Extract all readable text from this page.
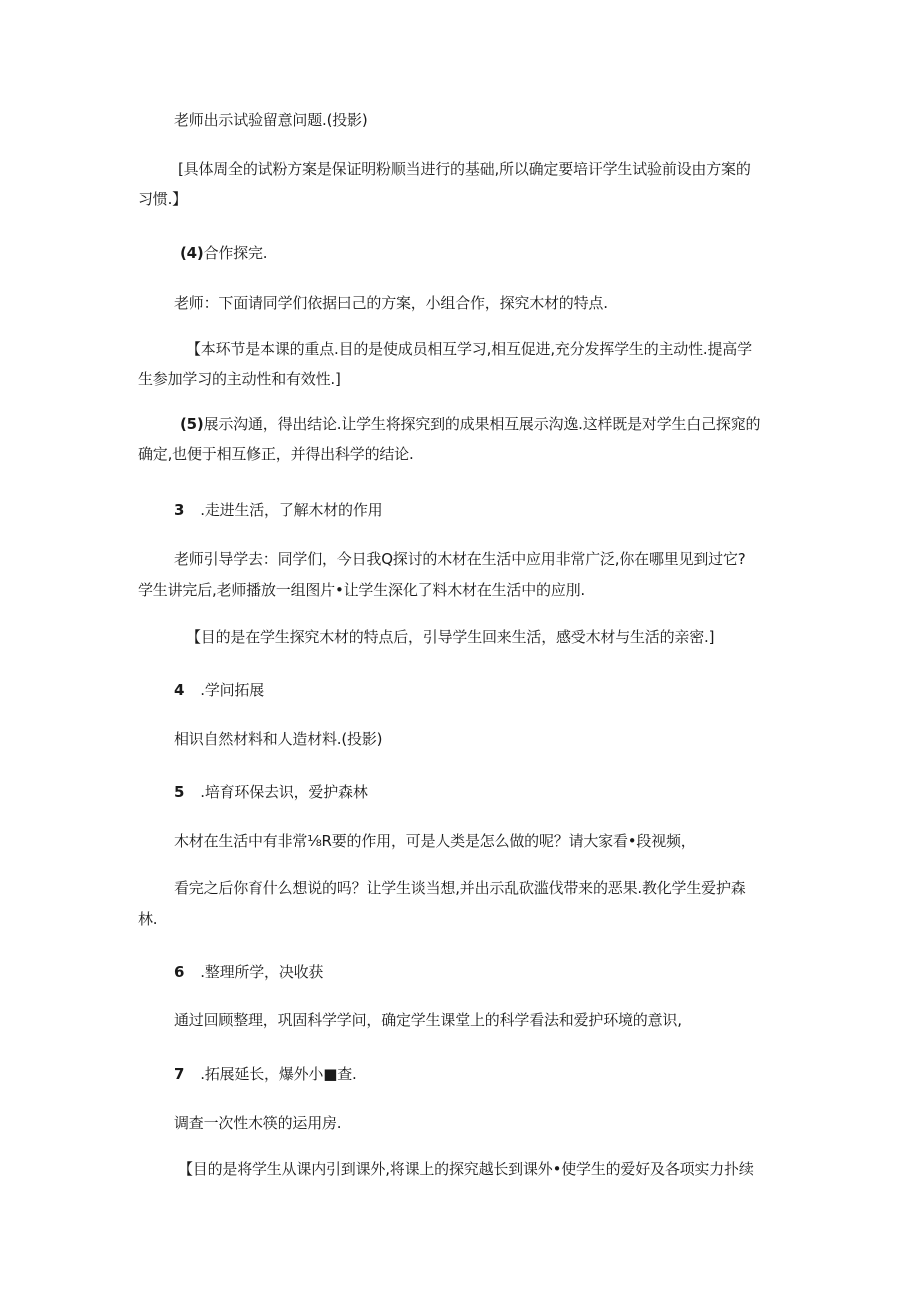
老师出示试验留意问题.(投影)
[具体周全的试粉方案是保证明粉顺当进行的基础,所以确定要培讦学生试验前设由方案的
习惯.】
(4)合作探完.
老师：下面请同学们依据曰己的方案，小组合作，探究木材的特点.
【本环节是本课的重点.目的是使成员相互学习,相互促进,充分发挥学生的主动性.提高学
生参加学习的主动性和有效性.]
(5)展示沟通，得出结论.让学生将探究到的成果相互展示沟逸.这样既是对学生白己探窕的
确定,也便于相互修正，并得出科学的结论.
3 .走进生活，了解木材的作用
老师引导学去：同学们，今日我Q探讨的木材在生活中应用非常广泛,你在哪里见到过它?
学生讲完后,老师播放一组图片•让学生深化了料木材在生活中的应刖.
【目的是在学生探究木材的特点后，引导学生回来生活，感受木材与生活的亲密.]
4 .学问拓展
相识自然材料和人造材料.(投影)
5 .培育环保去识，爱护森林
木材在生活中有非常⅛R要的作用，可是人类是怎么做的呢？请大家看•段视频，
看完之后你育什么想说的吗？让学生谈当想,并出示乱砍滥伐带来的恶果.教化学生爱护森
林.
6 .整理所学，决收获
通过回顾整理，巩固科学学问，确定学生课堂上的科学看法和爱护环境的意识,
7 .拓展延长，爆外小■查.
调查一次性木筷的运用房.
【目的是将学生从课内引到课外,将课上的探究越长到课外•使学生的爱好及各项实力扑续
